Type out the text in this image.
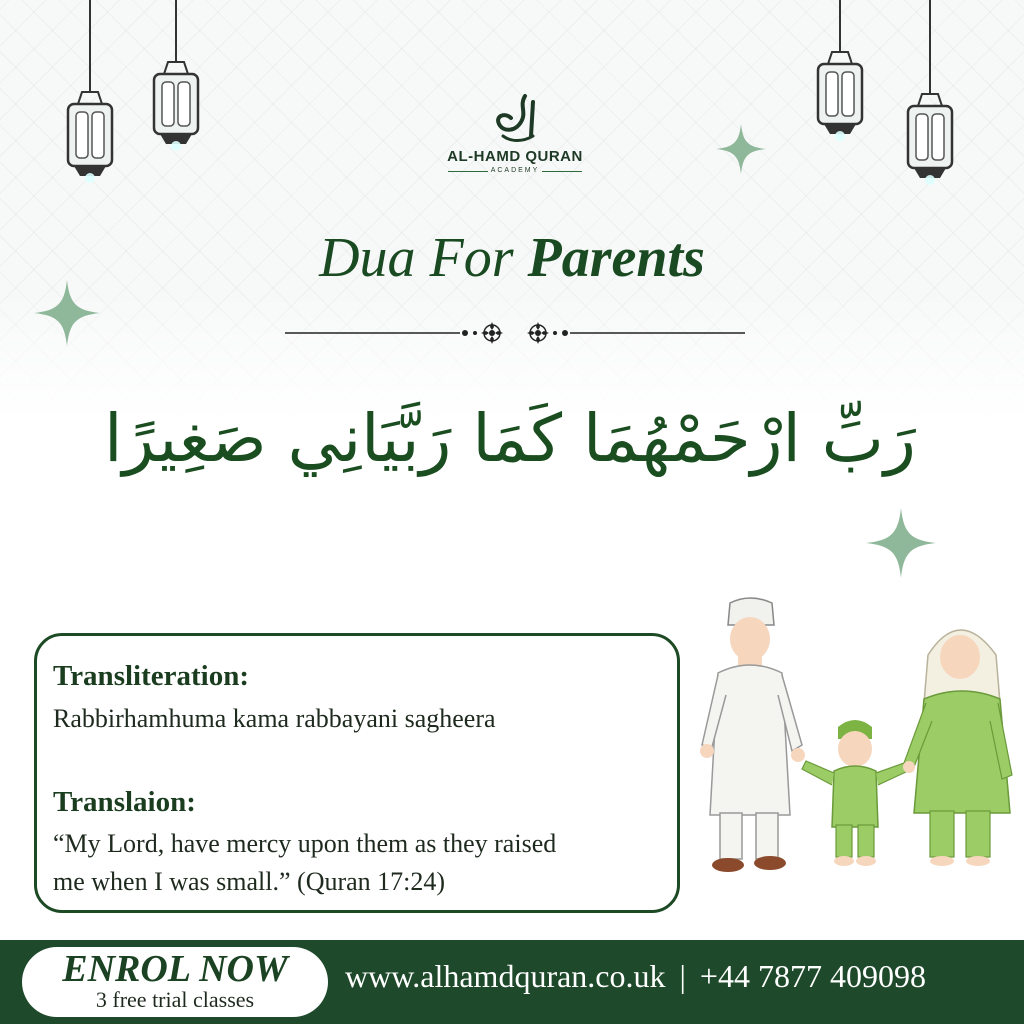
AL-HAMD QURAN
ACADEMY
Dua For Parents
رَبِّ ارْحَمْهُمَا كَمَا رَبَّيَانِي صَغِيرًا
Transliteration:
Rabbirhamhuma kama rabbayani sagheera
Translaion:
“My Lord, have mercy upon them as they raised
me when I was small.” (Quran 17:24)
ENROL NOW
3 free trial classes
www.alhamdquran.co.uk | +44 7877 409098
